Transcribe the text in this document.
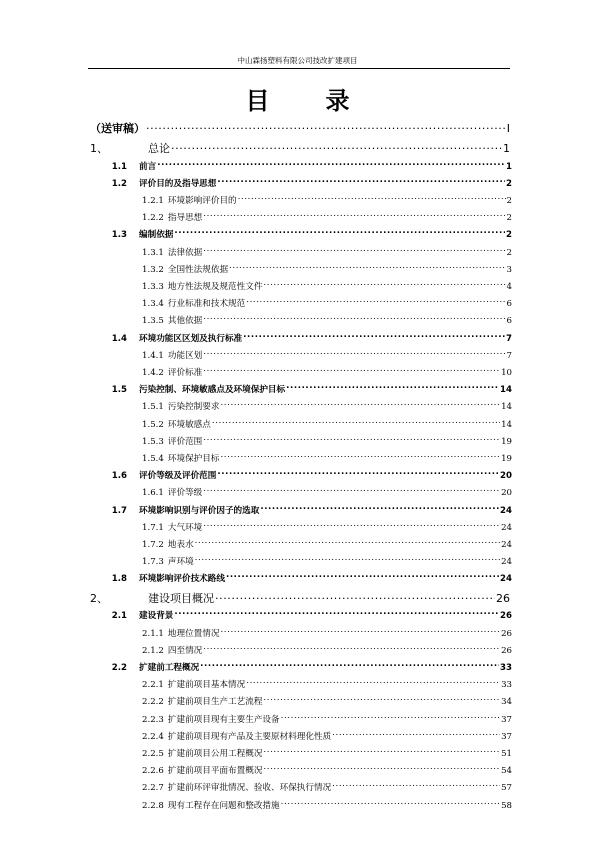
中山霖扬塑料有限公司技改扩建项目
目　录
（送审稿） .....	I
1、	总论 .....	1
1.1 前言 .....	1
1.2 评价目的及指导思想 .....	2
1.2.1 环境影响评价目的 .....	2
1.2.2 指导思想 .....	2
1.3 编制依据 .....	2
1.3.1 法律依据 .....	2
1.3.2 全国性法规依据 .....	3
1.3.3 地方性法规及规范性文件 .....	4
1.3.4 行业标准和技术规范 .....	6
1.3.5 其他依据 .....	6
1.4 环境功能区区划及执行标准 .....	7
1.4.1 功能区划 .....	7
1.4.2 评价标准 .....	10
1.5 污染控制、环境敏感点及环境保护目标 .....	14
1.5.1 污染控制要求 .....	14
1.5.2 环境敏感点 .....	14
1.5.3 评价范围 .....	19
1.5.4 环境保护目标 .....	19
1.6 评价等级及评价范围 .....	20
1.6.1 评价等级 .....	20
1.7 环境影响识别与评价因子的选取 .....	24
1.7.1 大气环境 .....	24
1.7.2 地表水 .....	24
1.7.3 声环境 .....	24
1.8 环境影响评价技术路线 .....	24
2、	建设项目概况 .....	26
2.1 建设背景 .....	26
2.1.1 地理位置情况 .....	26
2.1.2 四至情况 .....	26
2.2 扩建前工程概况 .....	33
2.2.1 扩建前项目基本情况 .....	33
2.2.2 扩建前项目生产工艺流程 .....	34
2.2.3 扩建前项目现有主要生产设备 .....	37
2.2.4 扩建前项目现有产品及主要原材料理化性质 .....	37
2.2.5 扩建前项目公用工程概况 .....	51
2.2.6 扩建前项目平面布置概况 .....	54
2.2.7 扩建前环评审批情况、验收、环保执行情况 .....	57
2.2.8 现有工程存在问题和整改措施 .....	58
